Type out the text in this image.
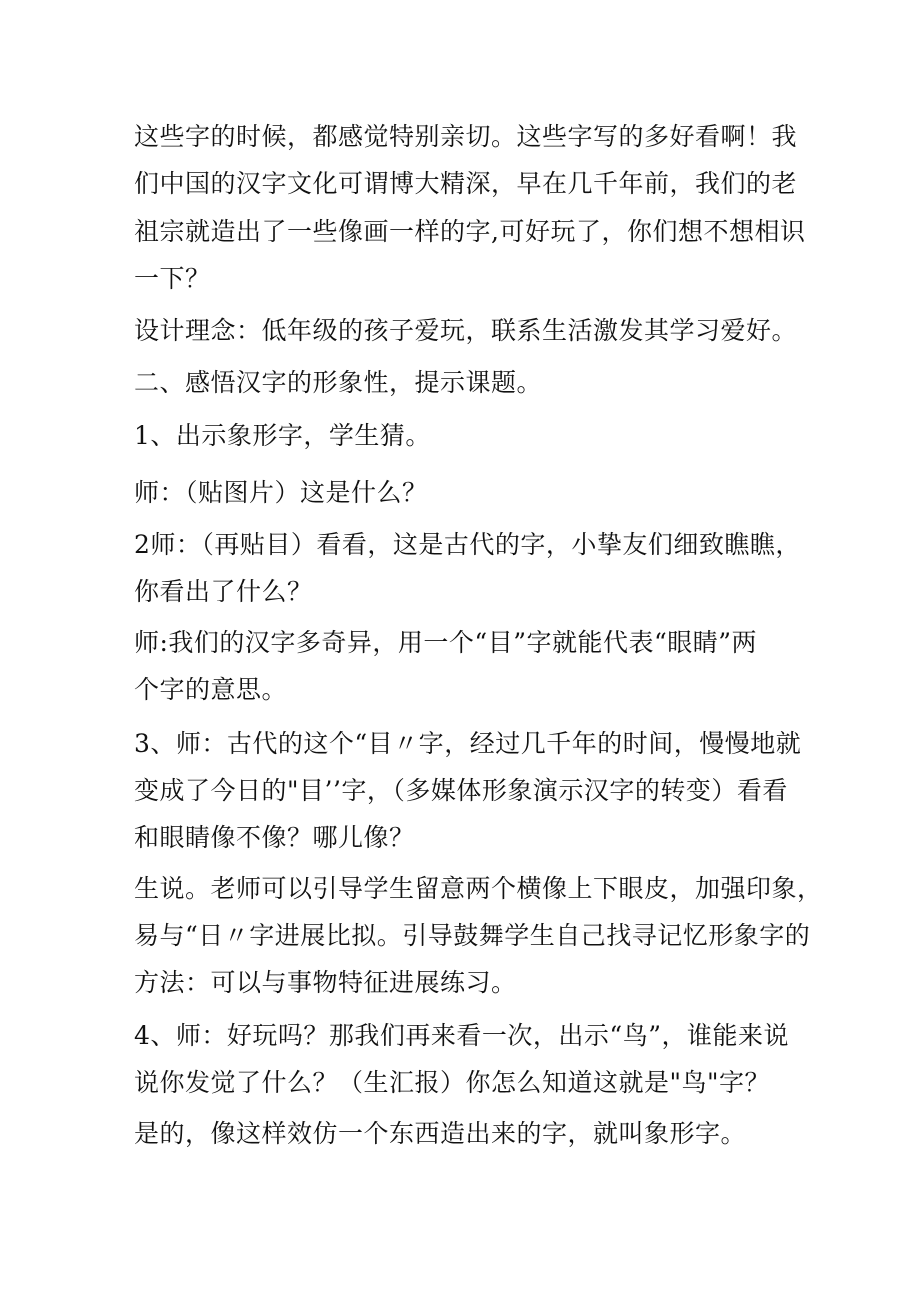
这些字的时候，都感觉特别亲切。这些字写的多好看啊！我
们中国的汉字文化可谓博大精深，早在几千年前，我们的老
祖宗就造出了一些像画一样的字,可好玩了，你们想不想相识
一下？
设计理念：低年级的孩子爱玩，联系生活激发其学习爱好。
二、感悟汉字的形象性，提示课题。
1、出示象形字，学生猜。
师：（贴图片）这是什么？
2师：（再贴目）看看，这是古代的字，小挚友们细致瞧瞧，
你看出了什么？
师:我们的汉字多奇异，用一个“目”字就能代表“眼睛”两
个字的意思。
3、师：古代的这个“目〃字，经过几千年的时间，慢慢地就
变成了今日的"目’’字，（多媒体形象演示汉字的转变）看看
和眼睛像不像？哪儿像？
生说。老师可以引导学生留意两个横像上下眼皮，加强印象，
易与“日〃字进展比拟。引导鼓舞学生自己找寻记忆形象字的
方法：可以与事物特征进展练习。
4、师：好玩吗？那我们再来看一次，出示“鸟”，谁能来说
说你发觉了什么？（生汇报）你怎么知道这就是"鸟"字？
是的，像这样效仿一个东西造出来的字，就叫象形字。
